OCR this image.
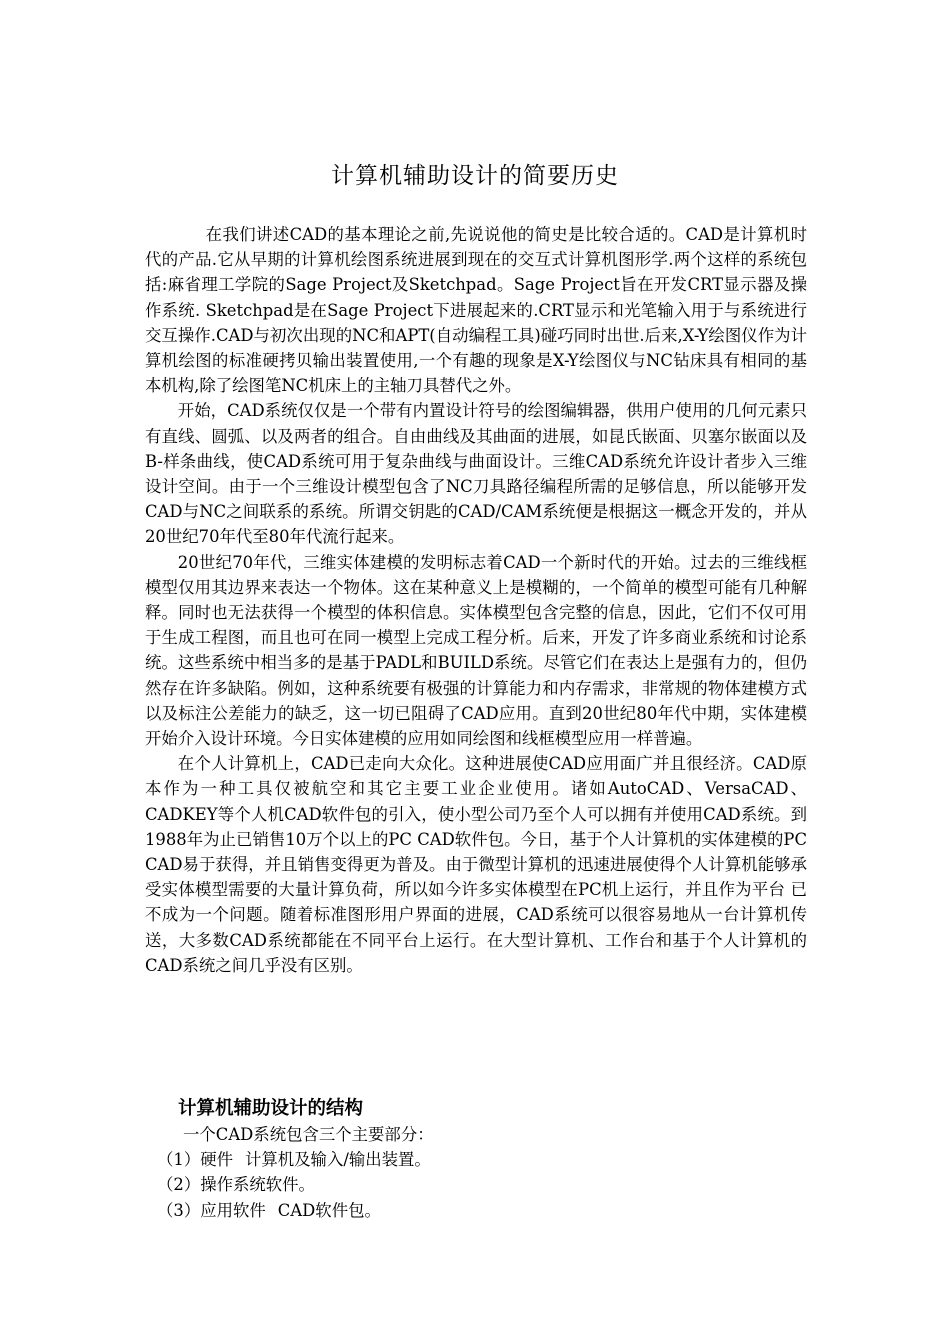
计算机辅助设计的简要历史

在我们讲述CAD的基本理论之前,先说说他的简史是比较合适的。CAD是计算机时代的产品.它从早期的计算机绘图系统进展到现在的交互式计算机图形学.两个这样的系统包括:麻省理工学院的Sage Project及Sketchpad。Sage Project旨在开发CRT显示器及操作系统. Sketchpad是在Sage Project下进展起来的.CRT显示和光笔输入用于与系统进行交互操作.CAD与初次出现的NC和APT(自动编程工具)碰巧同时出世.后来,X-Y绘图仪作为计算机绘图的标准硬拷贝输出装置使用,一个有趣的现象是X-Y绘图仪与NC钻床具有相同的基本机构,除了绘图笔NC机床上的主轴刀具替代之外。

开始，CAD系统仅仅是一个带有内置设计符号的绘图编辑器，供用户使用的几何元素只有直线、圆弧、以及两者的组合。自由曲线及其曲面的进展，如昆氏嵌面、贝塞尔嵌面以及B-样条曲线，使CAD系统可用于复杂曲线与曲面设计。三维CAD系统允许设计者步入三维设计空间。由于一个三维设计模型包含了NC刀具路径编程所需的足够信息，所以能够开发CAD与NC之间联系的系统。所谓交钥匙的CAD/CAM系统便是根据这一概念开发的，并从20世纪70年代至80年代流行起来。

20世纪70年代，三维实体建模的发明标志着CAD一个新时代的开始。过去的三维线框模型仅用其边界来表达一个物体。这在某种意义上是模糊的，一个简单的模型可能有几种解释。同时也无法获得一个模型的体积信息。实体模型包含完整的信息，因此，它们不仅可用于生成工程图，而且也可在同一模型上完成工程分析。后来，开发了许多商业系统和讨论系统。这些系统中相当多的是基于PADL和BUILD系统。尽管它们在表达上是强有力的，但仍然存在许多缺陷。例如，这种系统要有极强的计算能力和内存需求，非常规的物体建模方式以及标注公差能力的缺乏，这一切已阻碍了CAD应用。直到20世纪80年代中期，实体建模开始介入设计环境。今日实体建模的应用如同绘图和线框模型应用一样普遍。

在个人计算机上，CAD已走向大众化。这种进展使CAD应用面广并且很经济。CAD原本作为一种工具仅被航空和其它主要工业企业使用。诸如AutoCAD、VersaCAD、CADKEY等个人机CAD软件包的引入，使小型公司乃至个人可以拥有并使用CAD系统。到1988年为止已销售10万个以上的PC CAD软件包。今日，基于个人计算机的实体建模的PC CAD易于获得，并且销售变得更为普及。由于微型计算机的迅速进展使得个人计算机能够承受实体模型需要的大量计算负荷，所以如今许多实体模型在PC机上运行，并且作为平台 已不成为一个问题。随着标准图形用户界面的进展，CAD系统可以很容易地从一台计算机传送，大多数CAD系统都能在不同平台上运行。在大型计算机、工作台和基于个人计算机的CAD系统之间几乎没有区别。

计算机辅助设计的结构
一个CAD系统包含三个主要部分：
（1）硬件 计算机及输入/输出装置。
（2）操作系统软件。
（3）应用软件 CAD软件包。
